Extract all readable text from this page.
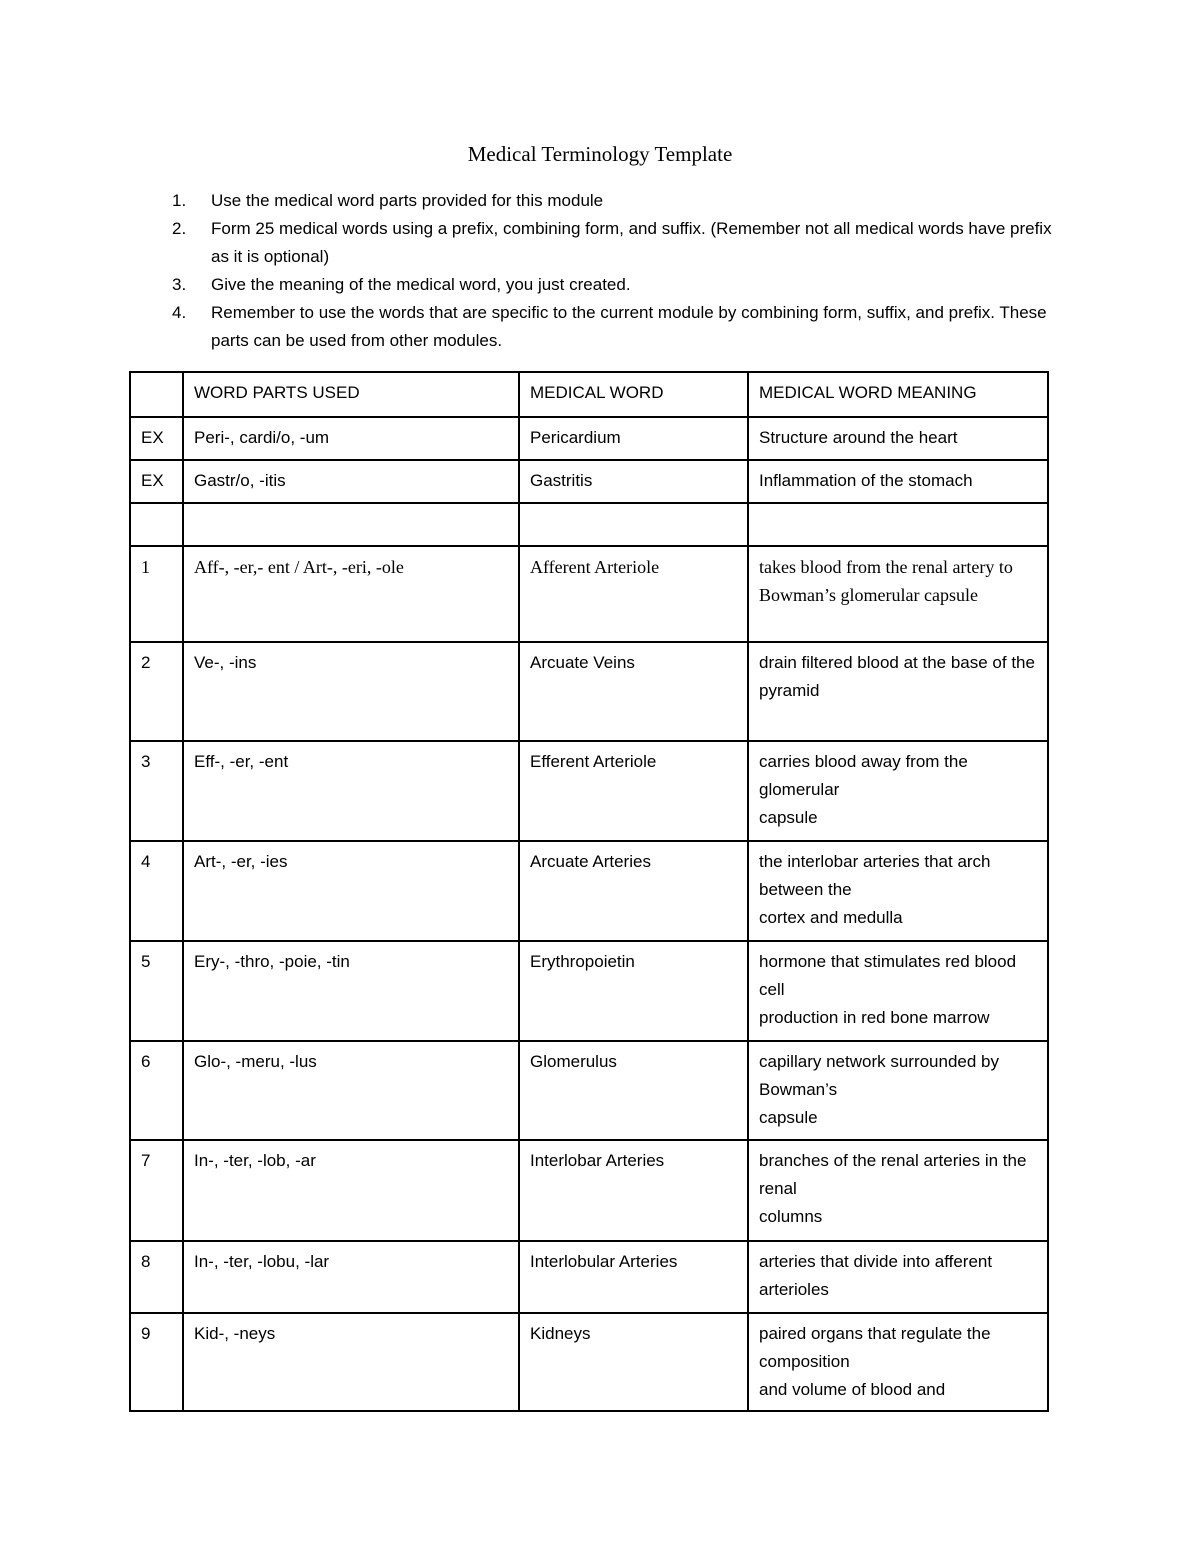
Medical Terminology Template
1. Use the medical word parts provided for this module
2. Form 25 medical words using a prefix, combining form, and suffix. (Remember not all medical words have prefix as it is optional)
3. Give the meaning of the medical word, you just created.
4. Remember to use the words that are specific to the current module by combining form, suffix, and prefix. These parts can be used from other modules.
	WORD PARTS USED	MEDICAL WORD	MEDICAL WORD MEANING
EX	Peri-, cardi/o, -um	Pericardium	Structure around the heart

EX	Gastr/o, -itis	Gastritis	Inflammation of the stomach

1	Aff-, -er,- ent / Art-, -eri, -ole	Afferent Arteriole	takes blood from the renal artery to Bowman’s glomerular capsule

2	Ve-, -ins	Arcuate Veins	drain filtered blood at the base of the pyramid

3	Eff-, -er, -ent	Efferent Arteriole	carries blood away from the glomerular
capsule

4	Art-, -er, -ies	Arcuate Arteries	the interlobar arteries that arch between the
cortex and medulla

5	Ery-, -thro, -poie, -tin	Erythropoietin	hormone that stimulates red blood cell
production in red bone marrow

6	Glo-, -meru, -lus	Glomerulus	capillary network surrounded by Bowman’s
capsule

7	In-, -ter, -lob, -ar	Interlobar Arteries	branches of the renal arteries in the renal
columns

8	In-, -ter, -lobu, -lar	Interlobular Arteries	arteries that divide into afferent arterioles

9	Kid-, -neys	Kidneys	paired organs that regulate the composition
and volume of blood and
